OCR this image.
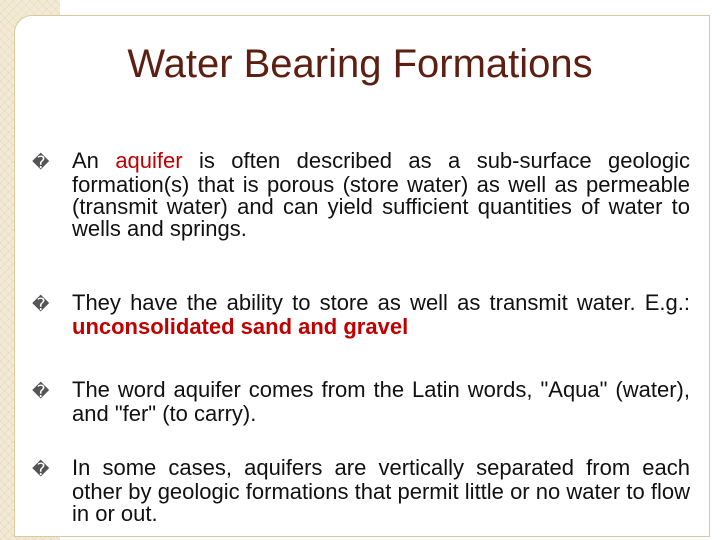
Water Bearing Formations
� An aquifer is often described as a sub-surface geologic formation(s) that is porous (store water) as well as permeable (transmit water) and can yield sufficient quantities of water to wells and springs.
� They have the ability to store as well as transmit water. E.g.: unconsolidated sand and gravel
� The word aquifer comes from the Latin words, "Aqua" (water), and "fer" (to carry).
� In some cases, aquifers are vertically separated from each other by geologic formations that permit little or no water to flow in or out.
